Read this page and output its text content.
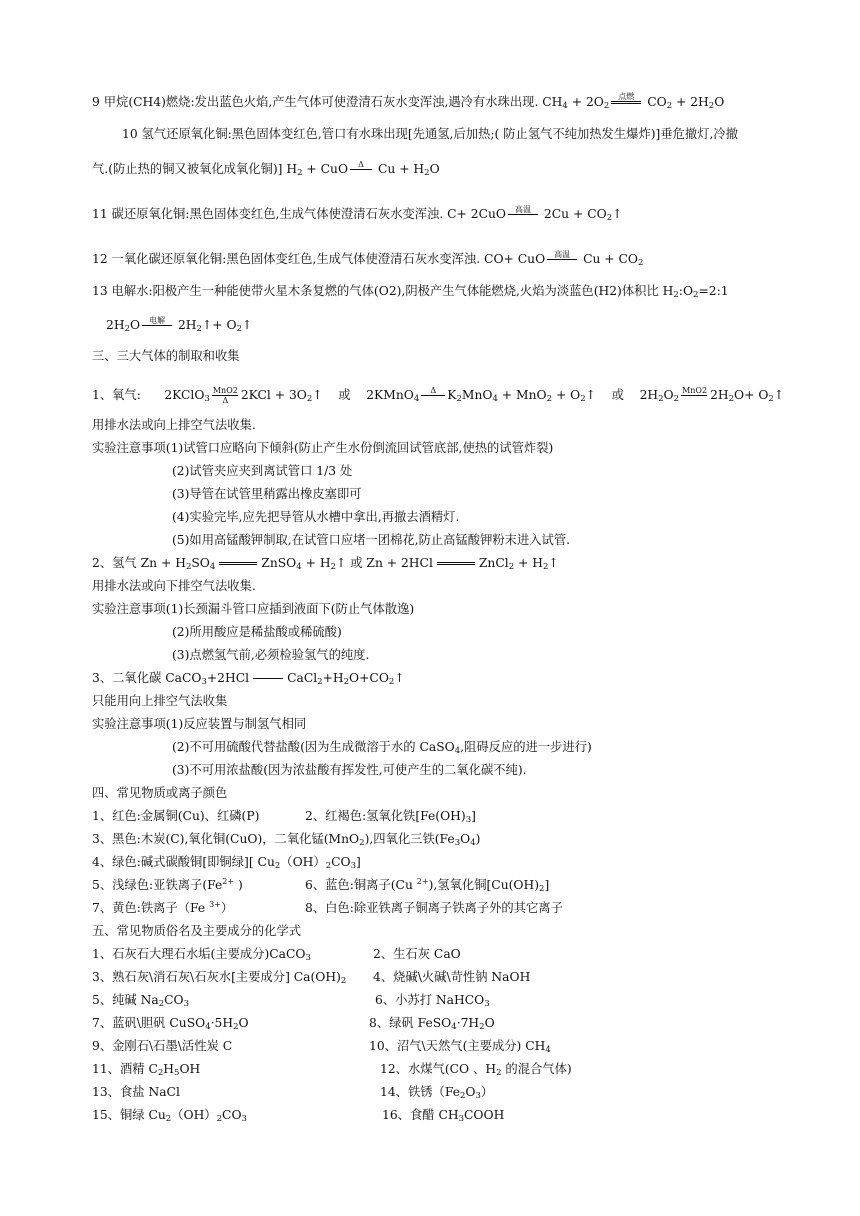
9 甲烷(CH4)燃烧:发出蓝色火焰,产生气体可使澄清石灰水变浑浊,遇冷有水珠出现. $CH_4 + 2O_2$
点燃 $CO_2 + 2H_2O$
10 氢气还原氧化铜:黑色固体变红色,管口有水珠出现[先通氢,后加热;( 防止氢气不纯加热发生爆炸)]垂危撤灯,冷撤
气.(防止热的铜又被氧化成氧化铜)] $H_2$ + CuO	Δ $Cu + H_2O$
11 碳还原氧化铜:黑色固体变红色,生成气体使澄清石灰水变浑浊. C+ 2CuO	高温 $2Cu + CO_2↑$
12 一氧化碳还原氧化铜:黑色固体变红色,生成气体使澄清石灰水变浑浊. CO+ CuO	高温 $Cu + CO_2$
13 电解水:阳极产生一种能使带火星木条复燃的气体(O2),阴极产生气体能燃烧,火焰为淡蓝色(H2)体积比 $H_2:O_2=2:1$
$2H_2O$	电解 $2H_2↑+$ $O_2↑$
三、三大气体的制取和收集
1、氧气: 2KClO$_3$
MnO2
Δ	$2KCl + 3O_2↑$ 或 2KMnO$_4$
Δ $K_2MnO_4 + MnO_2$ + $O_2↑$ 或 $2H_2O_2$
MnO2 $2H_2O+$ $O_2↑$
用排水法或向上排空气法收集.
实验注意事项(1)试管口应略向下倾斜(防止产生水份倒流回试管底部,使热的试管炸裂)
(2)试管夹应夹到离试管口 1/3 处
(3)导管在试管里稍露出橡皮塞即可
(4)实验完毕,应先把导管从水槽中拿出,再撤去酒精灯.
(5)如用高锰酸钾制取,在试管口应堵一团棉花,防止高锰酸钾粉末进入试管.
2、氢气 $Zn + H_2SO_4$	ZnSO$_4$ + $H_2↑$ 或 Zn + 2HCl	ZnCl$_2$ + $H_2↑$
用排水法或向下排空气法收集.
实验注意事项(1)长颈漏斗管口应插到液面下(防止气体散逸)
(2)所用酸应是稀盐酸或稀硫酸)
(3)点燃氢气前,必须检验氢气的纯度.
3、二氧化碳 CaCO$_3$+2HCl	$CaCl_2+H_2O+CO_2↑$
只能用向上排空气法收集
实验注意事项(1)反应装置与制氢气相同
(2)不可用硫酸代替盐酸(因为生成微溶于水的 CaSO$_4$,阻碍反应的进一步进行)
(3)不可用浓盐酸(因为浓盐酸有挥发性,可使产生的二氧化碳不纯).
四、常见物质或离子颜色
1、红色:金属铜(Cu)、红磷(P)	2、红褐色:氢氧化铁$[Fe(OH)_3]$
3、黑色:木炭(C),氧化铜(CuO)，二氧化锰(MnO$_2$),四氧化三铁$(Fe_3O_4)$
4、绿色:碱式碳酸铜[即铜绿][ $Cu_2(OH)_2CO_3$]
5、浅绿色:亚铁离子($Fe^{2+}$ )	6、蓝色:铜离子(Cu $^{2+}$),氢氧化铜$[Cu(OH)_2]$
7、黄色:铁离子（Fe $^{3+}$）	8、白色:除亚铁离子铜离子铁离子外的其它离子
五、常见物质俗名及主要成分的化学式
1、石灰石大理石水垢(主要成分)CaCO$_3$	2、生石灰 CaO
3、熟石灰\消石灰\石灰水[主要成分] $Ca(OH)_2$ 4、烧碱\火碱\苛性钠 NaOH
5、纯碱 $Na_2CO_3$	6、小苏打 NaHCO$_3$
7、蓝矾\胆矾 $CuSO_4\cdot 5H_2O$	8、绿矾 $FeSO_4\cdot 7H_2O$
9、金刚石\石墨\活性炭 C	10、沼气\天然气(主要成分) $CH_4$
11、酒精 $C_2H_5OH$	12、水煤气(CO 、$H_2$ 的混合气体)
13、食盐 NaCl	14、铁锈$(Fe_2O_3)$
15、铜绿 $Cu_2(OH)_2CO_3$	16、食醋 $CH_3COOH$
